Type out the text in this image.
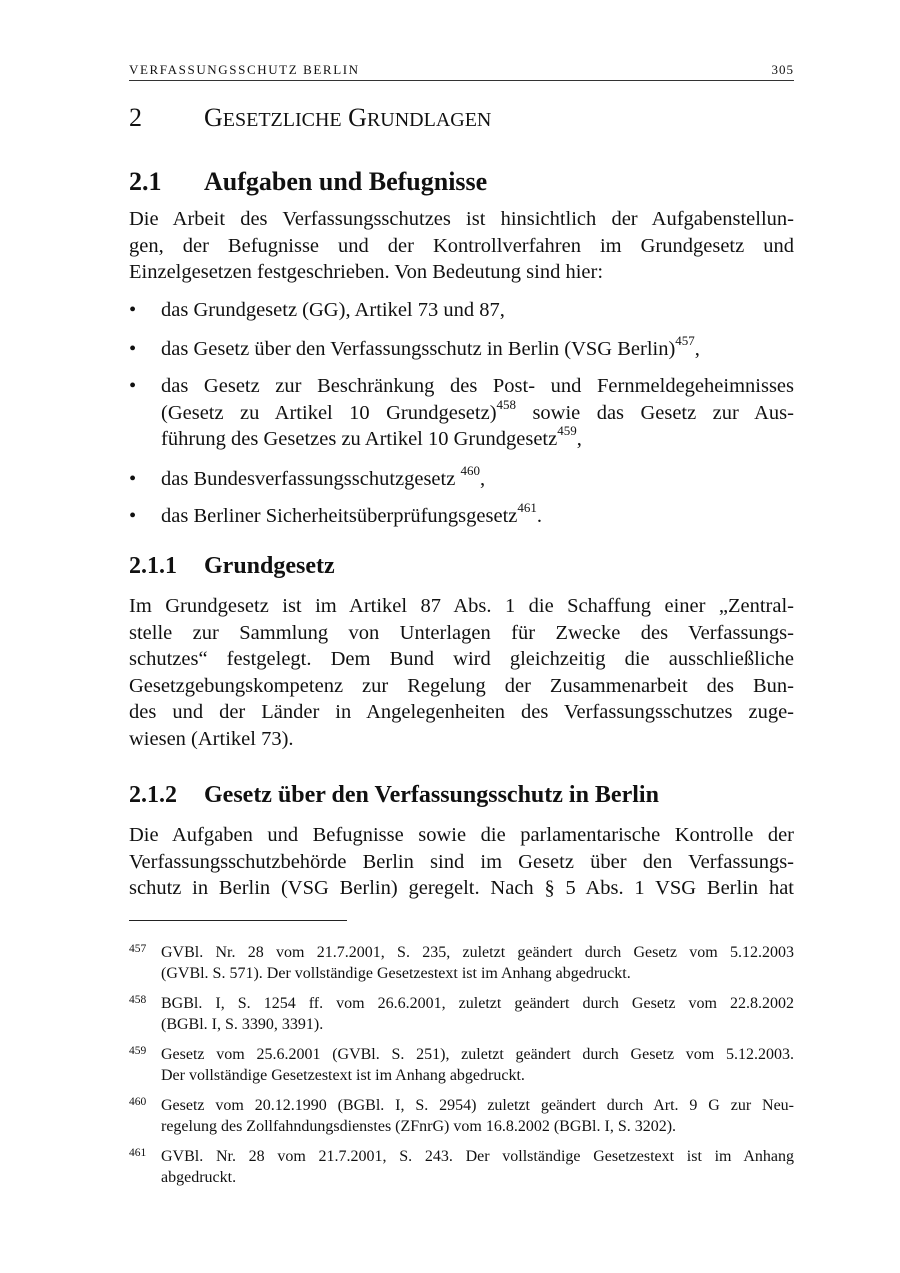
VERFASSUNGSSCHUTZ BERLIN	305
2 GESETZLICHE GRUNDLAGEN
2.1 Aufgaben und Befugnisse
Die Arbeit des Verfassungsschutzes ist hinsichtlich der Aufgabenstellun-
gen, der Befugnisse und der Kontrollverfahren im Grundgesetz und
Einzelgesetzen festgeschrieben. Von Bedeutung sind hier:
•	das Grundgesetz (GG), Artikel 73 und 87,
•	das Gesetz über den Verfassungsschutz in Berlin (VSG Berlin)$^{457}$,
•	das Gesetz zur Beschränkung des Post- und Fernmeldegeheimnisses
(Gesetz zu Artikel 10 Grundgesetz)$^{458}$ sowie das Gesetz zur Aus-
führung des Gesetzes zu Artikel 10 Grundgesetz$^{459}$,
•	das Bundesverfassungsschutzgesetz $^{460}$,
•	das Berliner Sicherheitsüberprüfungsgesetz$^{461}$.
2.1.1 Grundgesetz
Im Grundgesetz ist im Artikel 87 Abs. 1 die Schaffung einer „Zentral-
stelle zur Sammlung von Unterlagen für Zwecke des Verfassungs-
schutzes“ festgelegt. Dem Bund wird gleichzeitig die ausschließliche
Gesetzgebungskompetenz zur Regelung der Zusammenarbeit des Bun-
des und der Länder in Angelegenheiten des Verfassungsschutzes zuge-
wiesen (Artikel 73).
2.1.2 Gesetz über den Verfassungsschutz in Berlin
Die Aufgaben und Befugnisse sowie die parlamentarische Kontrolle der
Verfassungsschutzbehörde Berlin sind im Gesetz über den Verfassungs-
schutz in Berlin (VSG Berlin) geregelt. Nach § 5 Abs. 1 VSG Berlin hat
457 GVBl. Nr. 28 vom 21.7.2001, S. 235, zuletzt geändert durch Gesetz vom 5.12.2003
(GVBl. S. 571). Der vollständige Gesetzestext ist im Anhang abgedruckt.
458 BGBl. I, S. 1254 ff. vom 26.6.2001, zuletzt geändert durch Gesetz vom 22.8.2002
(BGBl. I, S. 3390, 3391).
459 Gesetz vom 25.6.2001 (GVBl. S. 251), zuletzt geändert durch Gesetz vom 5.12.2003.
Der vollständige Gesetzestext ist im Anhang abgedruckt.
460 Gesetz vom 20.12.1990 (BGBl. I, S. 2954) zuletzt geändert durch Art. 9 G zur Neu-
regelung des Zollfahndungsdienstes (ZFnrG) vom 16.8.2002 (BGBl. I, S. 3202).
461 GVBl. Nr. 28 vom 21.7.2001, S. 243. Der vollständige Gesetzestext ist im Anhang
abgedruckt.
